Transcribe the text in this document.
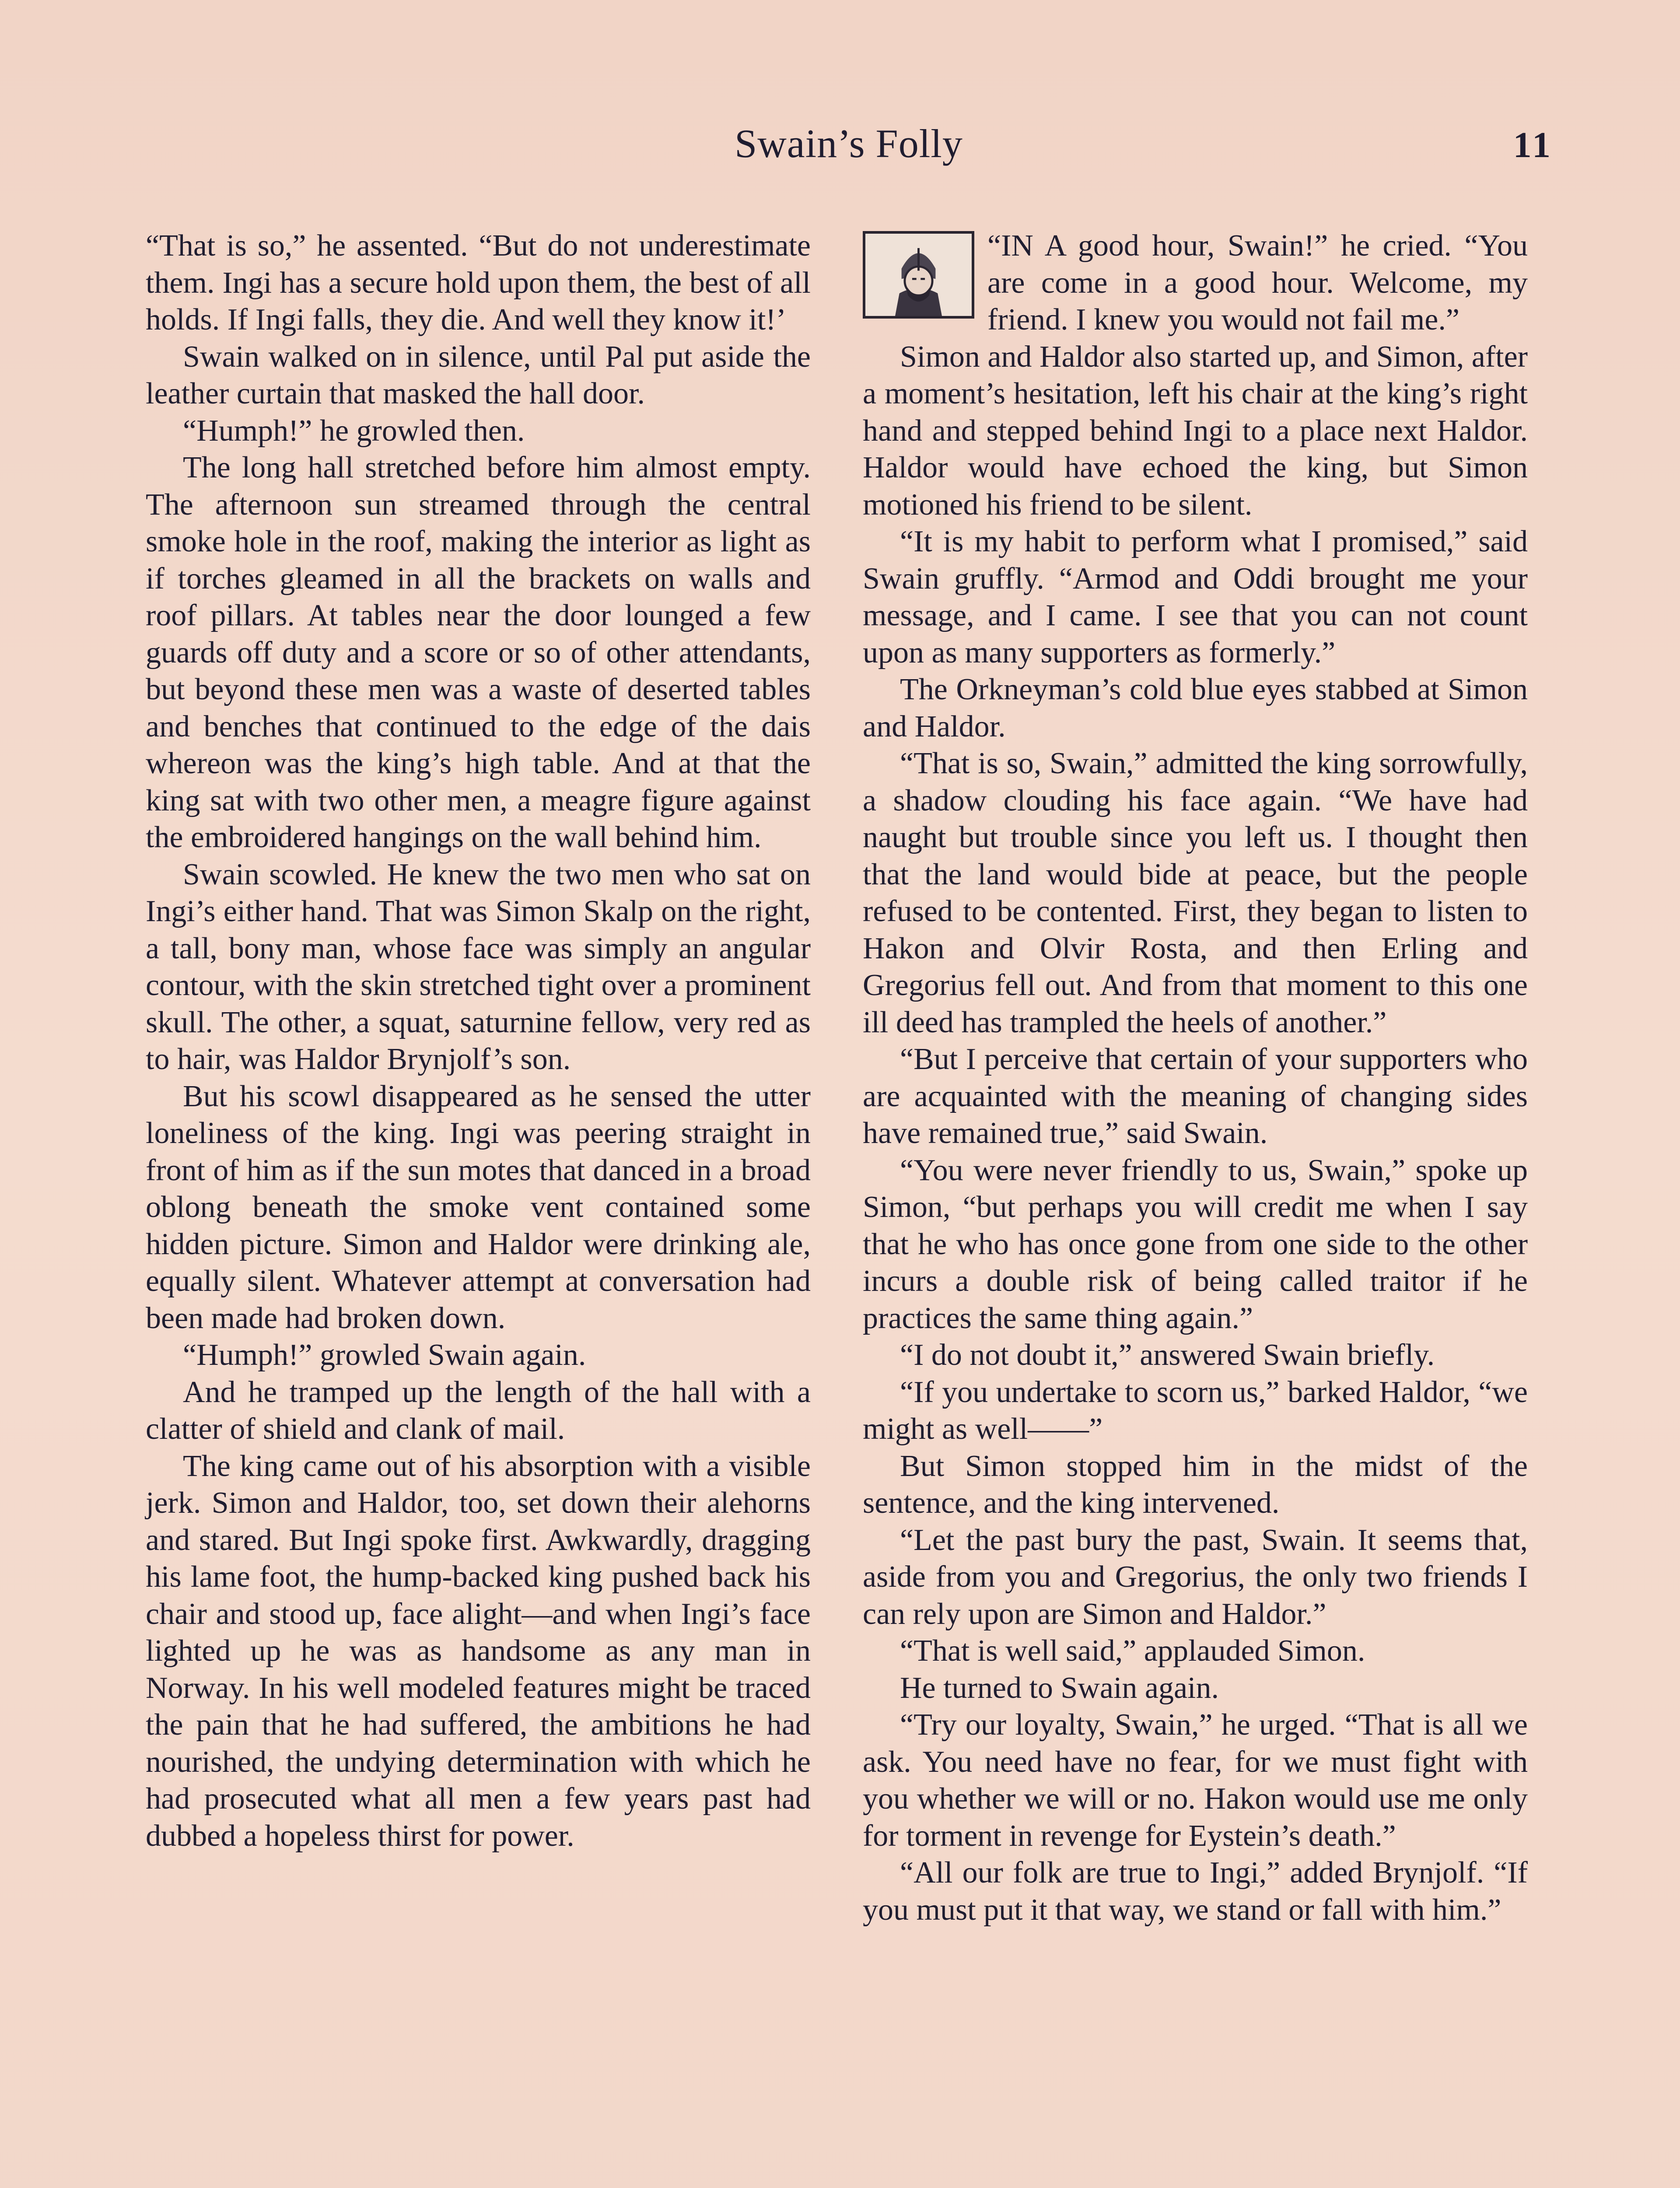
Swain’s Folly	11

“That is so,” he assented. “But do not underestimate them. Ingi has a secure hold upon them, the best of all holds. If Ingi falls, they die. And well they know it!’

Swain walked on in silence, until Pal put aside the leather curtain that masked the hall door.

“Humph!” he growled then.

The long hall stretched before him almost empty. The afternoon sun streamed through the central smoke hole in the roof, making the interior as light as if torches gleamed in all the brackets on walls and roof pillars. At tables near the door lounged a few guards off duty and a score or so of other attendants, but beyond these men was a waste of deserted tables and benches that continued to the edge of the dais whereon was the king’s high table. And at that the king sat with two other men, a meagre figure against the embroidered hangings on the wall behind him.

Swain scowled. He knew the two men who sat on Ingi’s either hand. That was Simon Skalp on the right, a tall, bony man, whose face was simply an angular contour, with the skin stretched tight over a prominent skull. The other, a squat, saturnine fellow, very red as to hair, was Haldor Brynjolf’s son.

But his scowl disappeared as he sensed the utter loneliness of the king. Ingi was peering straight in front of him as if the sun motes that danced in a broad oblong beneath the smoke vent contained some hidden picture. Simon and Haldor were drinking ale, equally silent. Whatever attempt at conversation had been made had broken down.

“Humph!” growled Swain again.

And he tramped up the length of the hall with a clatter of shield and clank of mail.

The king came out of his absorption with a visible jerk. Simon and Haldor, too, set down their alehorns and stared. But Ingi spoke first. Awkwardly, dragging his lame foot, the hump-backed king pushed back his chair and stood up, face alight—and when Ingi’s face lighted up he was as handsome as any man in Norway. In his well modeled features might be traced the pain that he had suffered, the ambitions he had nourished, the undying determination with which he had prosecuted what all men a few years past had dubbed a hopeless thirst for power.

“IN A good hour, Swain!” he cried. “You are come in a good hour. Welcome, my friend. I knew you would not fail me.”

Simon and Haldor also started up, and Simon, after a moment’s hesitation, left his chair at the king’s right hand and stepped behind Ingi to a place next Haldor. Haldor would have echoed the king, but Simon motioned his friend to be silent.

“It is my habit to perform what I promised,” said Swain gruffly. “Armod and Oddi brought me your message, and I came. I see that you can not count upon as many supporters as formerly.”

The Orkneyman’s cold blue eyes stabbed at Simon and Haldor.

“That is so, Swain,” admitted the king sorrowfully, a shadow clouding his face again. “We have had naught but trouble since you left us. I thought then that the land would bide at peace, but the people refused to be contented. First, they began to listen to Hakon and Olvir Rosta, and then Erling and Gregorius fell out. And from that moment to this one ill deed has trampled the heels of another.”

“But I perceive that certain of your supporters who are acquainted with the meaning of changing sides have remained true,” said Swain.

“You were never friendly to us, Swain,” spoke up Simon, “but perhaps you will credit me when I say that he who has once gone from one side to the other incurs a double risk of being called traitor if he practices the same thing again.”

“I do not doubt it,” answered Swain briefly.

“If you undertake to scorn us,” barked Haldor, “we might as well——”

But Simon stopped him in the midst of the sentence, and the king intervened.

“Let the past bury the past, Swain. It seems that, aside from you and Gregorius, the only two friends I can rely upon are Simon and Haldor.”

“That is well said,” applauded Simon.

He turned to Swain again.

“Try our loyalty, Swain,” he urged. “That is all we ask. You need have no fear, for we must fight with you whether we will or no. Hakon would use me only for torment in revenge for Eystein’s death.”

“All our folk are true to Ingi,” added Brynjolf. “If you must put it that way, we stand or fall with him.”
